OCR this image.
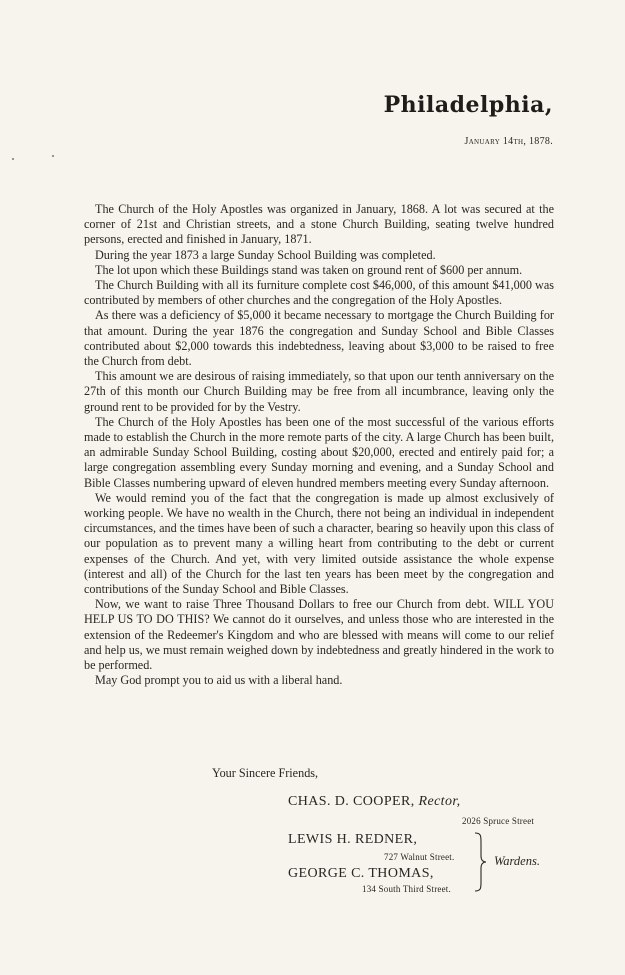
Philadelphia,
January 14th, 1878.

The Church of the Holy Apostles was organized in January, 1868. A lot was secured at the corner of 21st and Christian streets, and a stone Church Building, seating twelve hundred persons, erected and finished in January, 1871.

During the year 1873 a large Sunday School Building was completed.

The lot upon which these Buildings stand was taken on ground rent of $600 per annum.

The Church Building with all its furniture complete cost $46,000, of this amount $41,000 was contributed by members of other churches and the congregation of the Holy Apostles.

As there was a deficiency of $5,000 it became necessary to mortgage the Church Building for that amount. During the year 1876 the congregation and Sunday School and Bible Classes contributed about $2,000 towards this indebtedness, leaving about $3,000 to be raised to free the Church from debt.

This amount we are desirous of raising immediately, so that upon our tenth anniversary on the 27th of this month our Church Building may be free from all incumbrance, leaving only the ground rent to be provided for by the Vestry.

The Church of the Holy Apostles has been one of the most successful of the various efforts made to establish the Church in the more remote parts of the city. A large Church has been built, an admirable Sunday School Building, costing about $20,000, erected and entirely paid for; a large congregation assembling every Sunday morning and evening, and a Sunday School and Bible Classes numbering upward of eleven hundred members meeting every Sunday afternoon.

We would remind you of the fact that the congregation is made up almost exclusively of working people. We have no wealth in the Church, there not being an individual in independent circumstances, and the times have been of such a character, bearing so heavily upon this class of our population as to prevent many a willing heart from contributing to the debt or current expenses of the Church. And yet, with very limited outside assistance the whole expense (interest and all) of the Church for the last ten years has been meet by the congregation and contributions of the Sunday School and Bible Classes.

Now, we want to raise Three Thousand Dollars to free our Church from debt. WILL YOU HELP US TO DO THIS? We cannot do it ourselves, and unless those who are interested in the extension of the Redeemer's Kingdom and who are blessed with means will come to our relief and help us, we must remain weighed down by indebtedness and greatly hindered in the work to be performed.

May God prompt you to aid us with a liberal hand.

Your Sincere Friends,
CHAS. D. COOPER, Rector,
2026 Spruce Street
LEWIS H. REDNER,
727 Walnut Street.
GEORGE C. THOMAS,
134 South Third Street.
Wardens.
